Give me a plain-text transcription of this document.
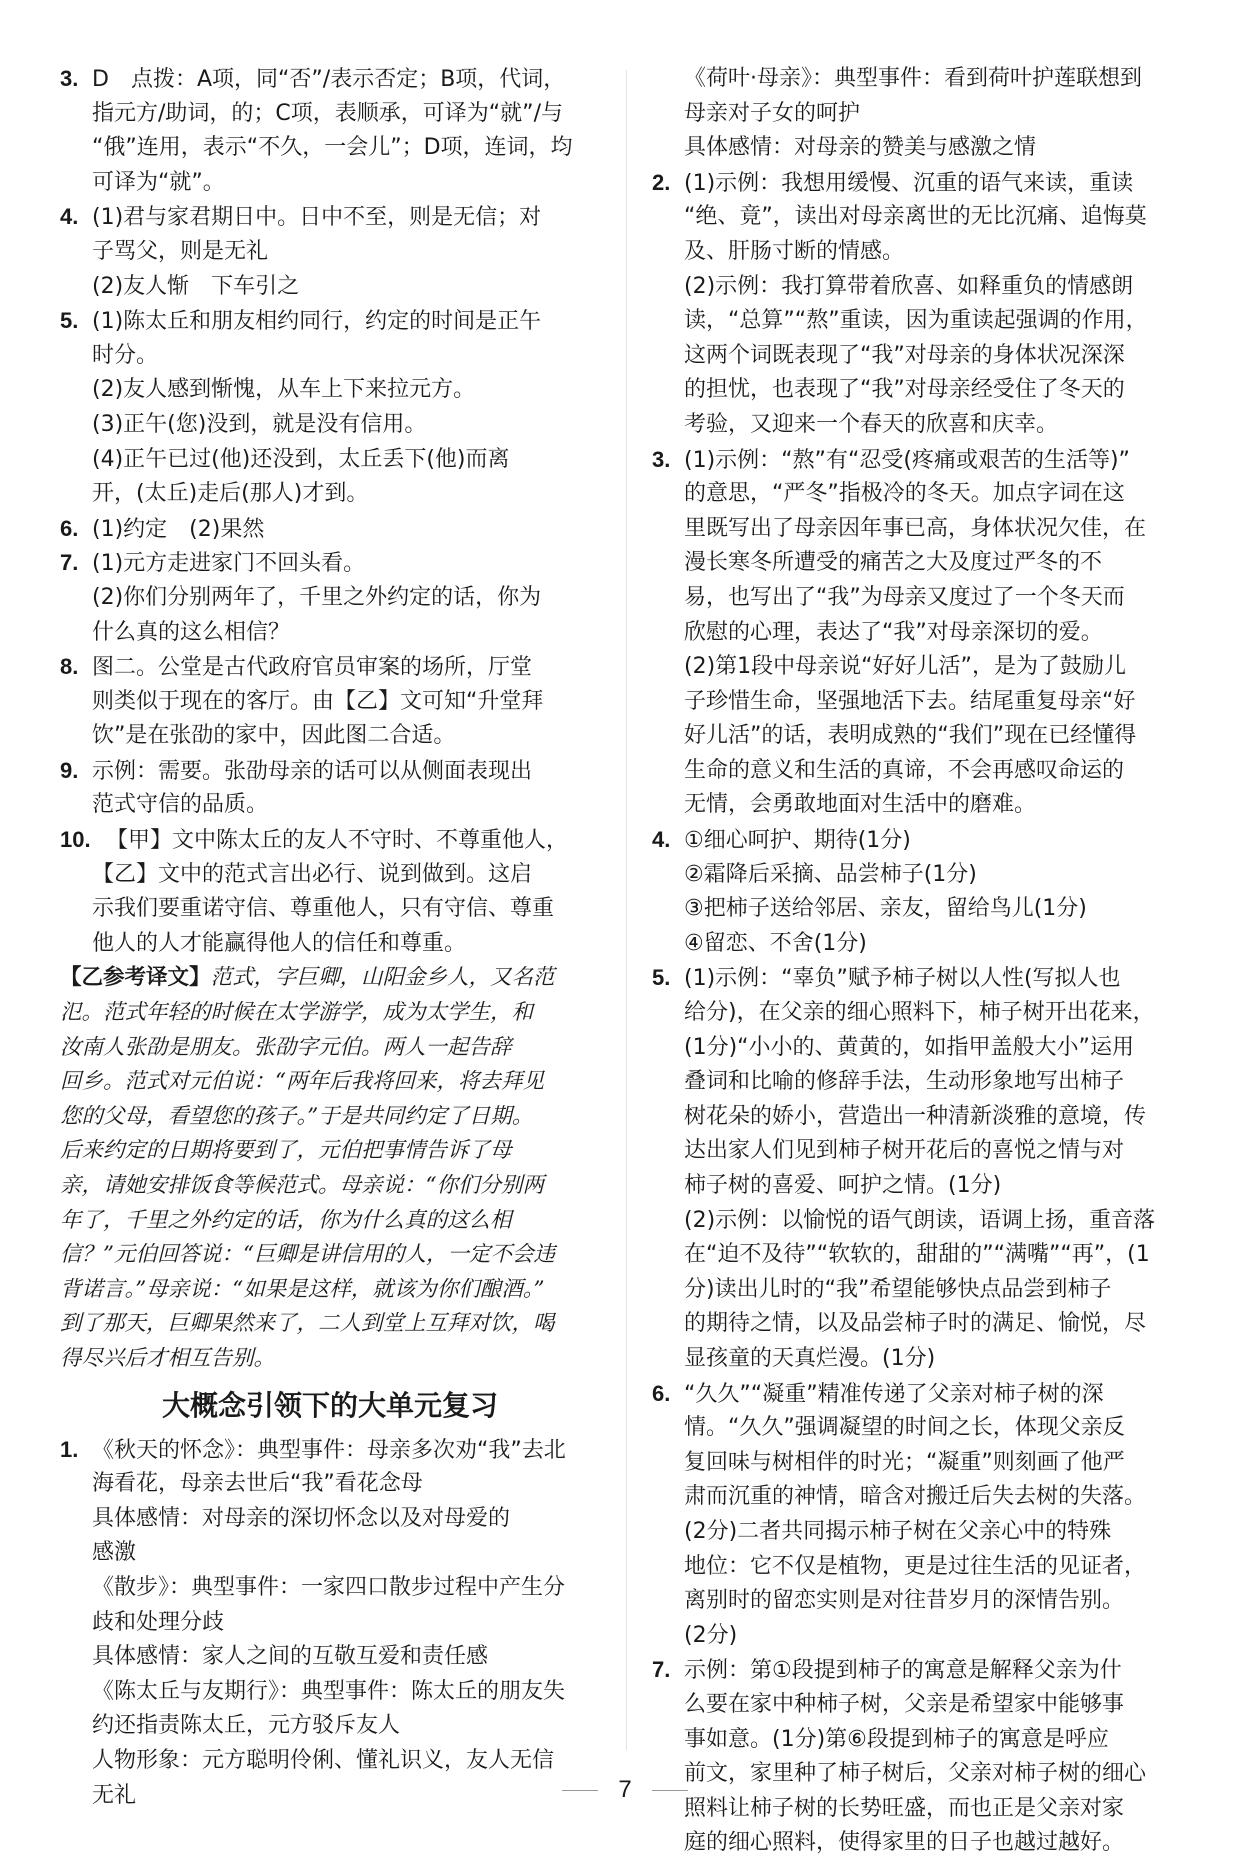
3. D　点拨：A项，同“否”/表示否定；B项，代词，
指元方/助词，的；C项，表顺承，可译为“就”/与
“俄”连用，表示“不久，一会儿”；D项，连词，均
可译为“就”。
4. (1)君与家君期日中。日中不至，则是无信；对
子骂父，则是无礼
(2)友人惭　下车引之
5. (1)陈太丘和朋友相约同行，约定的时间是正午
时分。
(2)友人感到惭愧，从车上下来拉元方。
(3)正午(您)没到，就是没有信用。
(4)正午已过(他)还没到，太丘丢下(他)而离
开，(太丘)走后(那人)才到。
6. (1)约定　(2)果然
7. (1)元方走进家门不回头看。
(2)你们分别两年了，千里之外约定的话，你为
什么真的这么相信？
8. 图二。公堂是古代政府官员审案的场所，厅堂
则类似于现在的客厅。由【乙】文可知“升堂拜
饮”是在张劭的家中，因此图二合适。
9. 示例：需要。张劭母亲的话可以从侧面表现出
范式守信的品质。
10. 【甲】文中陈太丘的友人不守时、不尊重他人，
【乙】文中的范式言出必行、说到做到。这启
示我们要重诺守信、尊重他人，只有守信、尊重
他人的人才能赢得他人的信任和尊重。
【乙参考译文】范式，字巨卿，山阳金乡人，又名范
氾。范式年轻的时候在太学游学，成为太学生，和
汝南人张劭是朋友。张劭字元伯。两人一起告辞
回乡。范式对元伯说：“两年后我将回来，将去拜见
您的父母，看望您的孩子。”于是共同约定了日期。
后来约定的日期将要到了，元伯把事情告诉了母
亲，请她安排饭食等候范式。母亲说：“你们分别两
年了，千里之外约定的话，你为什么真的这么相
信？”元伯回答说：“巨卿是讲信用的人，一定不会违
背诺言。”母亲说：“如果是这样，就该为你们酿酒。”
到了那天，巨卿果然来了，二人到堂上互拜对饮，喝
得尽兴后才相互告别。
大概念引领下的大单元复习
1. 《秋天的怀念》：典型事件：母亲多次劝“我”去北
海看花，母亲去世后“我”看花念母
具体感情：对母亲的深切怀念以及对母爱的
感激
《散步》：典型事件：一家四口散步过程中产生分
歧和处理分歧
具体感情：家人之间的互敬互爱和责任感
《陈太丘与友期行》：典型事件：陈太丘的朋友失
约还指责陈太丘，元方驳斥友人
人物形象：元方聪明伶俐、懂礼识义，友人无信
无礼
《荷叶·母亲》：典型事件：看到荷叶护莲联想到
母亲对子女的呵护
具体感情：对母亲的赞美与感激之情
2. (1)示例：我想用缓慢、沉重的语气来读，重读
“绝、竟”，读出对母亲离世的无比沉痛、追悔莫
及、肝肠寸断的情感。
(2)示例：我打算带着欣喜、如释重负的情感朗
读，“总算”“熬”重读，因为重读起强调的作用，
这两个词既表现了“我”对母亲的身体状况深深
的担忧，也表现了“我”对母亲经受住了冬天的
考验，又迎来一个春天的欣喜和庆幸。
3. (1)示例：“熬”有“忍受(疼痛或艰苦的生活等)”
的意思，“严冬”指极冷的冬天。加点字词在这
里既写出了母亲因年事已高，身体状况欠佳，在
漫长寒冬所遭受的痛苦之大及度过严冬的不
易，也写出了“我”为母亲又度过了一个冬天而
欣慰的心理，表达了“我”对母亲深切的爱。
(2)第1段中母亲说“好好儿活”，是为了鼓励儿
子珍惜生命，坚强地活下去。结尾重复母亲“好
好儿活”的话，表明成熟的“我们”现在已经懂得
生命的意义和生活的真谛，不会再感叹命运的
无情，会勇敢地面对生活中的磨难。
4. ①细心呵护、期待(1分)
②霜降后采摘、品尝柿子(1分)
③把柿子送给邻居、亲友，留给鸟儿(1分)
④留恋、不舍(1分)
5. (1)示例：“辜负”赋予柿子树以人性(写拟人也
给分)，在父亲的细心照料下，柿子树开出花来，
(1分)“小小的、黄黄的，如指甲盖般大小”运用
叠词和比喻的修辞手法，生动形象地写出柿子
树花朵的娇小，营造出一种清新淡雅的意境，传
达出家人们见到柿子树开花后的喜悦之情与对
柿子树的喜爱、呵护之情。(1分)
(2)示例：以愉悦的语气朗读，语调上扬，重音落
在“迫不及待”“软软的，甜甜的”“满嘴”“再”，(1
分)读出儿时的“我”希望能够快点品尝到柿子
的期待之情，以及品尝柿子时的满足、愉悦，尽
显孩童的天真烂漫。(1分)
6. “久久”“凝重”精准传递了父亲对柿子树的深
情。“久久”强调凝望的时间之长，体现父亲反
复回味与树相伴的时光；“凝重”则刻画了他严
肃而沉重的神情，暗含对搬迁后失去树的失落。
(2分)二者共同揭示柿子树在父亲心中的特殊
地位：它不仅是植物，更是过往生活的见证者，
离别时的留恋实则是对往昔岁月的深情告别。
(2分)
7. 示例：第①段提到柿子的寓意是解释父亲为什
么要在家中种柿子树，父亲是希望家中能够事
事如意。(1分)第⑥段提到柿子的寓意是呼应
前文，家里种了柿子树后，父亲对柿子树的细心
照料让柿子树的长势旺盛，而也正是父亲对家
庭的细心照料，使得家里的日子也越过越好。
7
